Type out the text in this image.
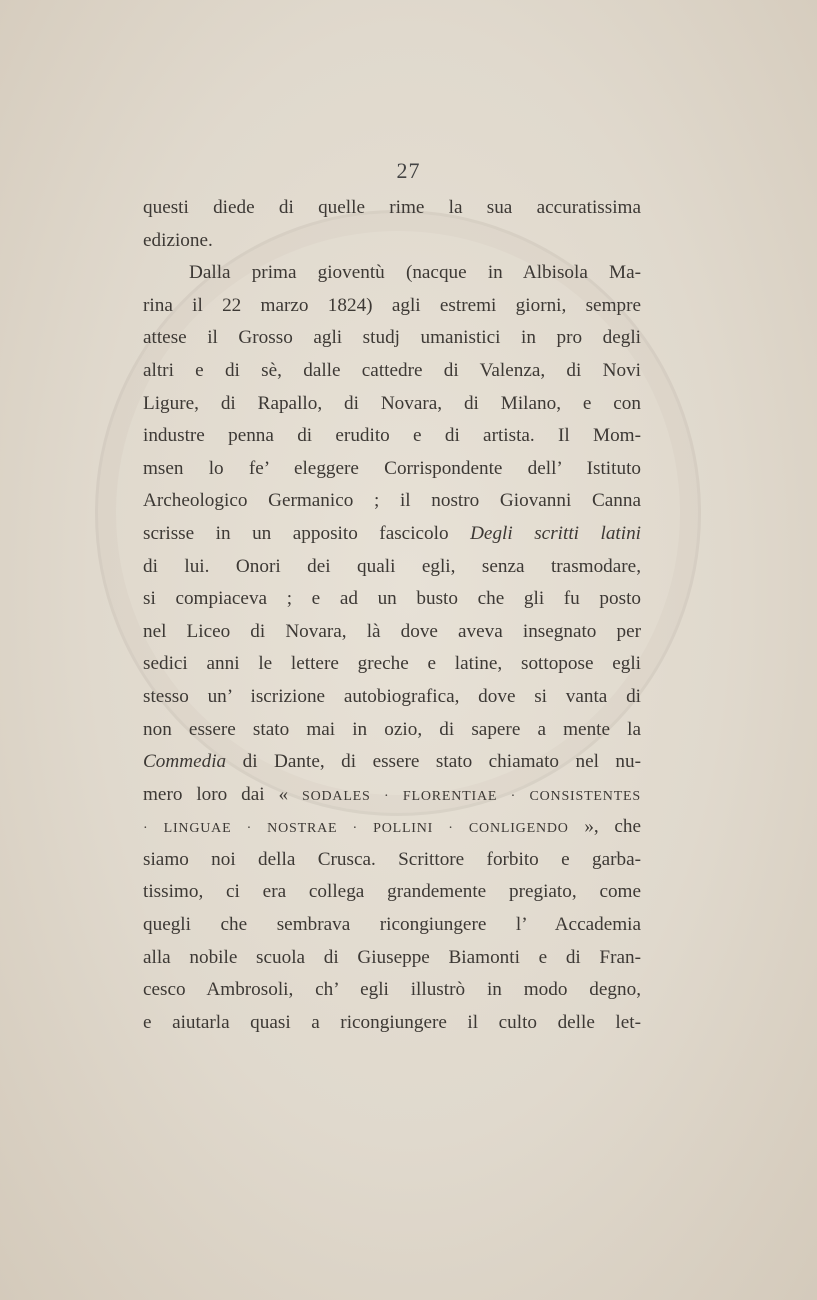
27
questi diede di quelle rime la sua accuratissima
edizione.
Dalla prima gioventù (nacque in Albisola Ma-
rina il 22 marzo 1824) agli estremi giorni, sempre
attese il Grosso agli studj umanistici in pro degli
altri e di sè, dalle cattedre di Valenza, di Novi
Ligure, di Rapallo, di Novara, di Milano, e con
industre penna di erudito e di artista. Il Mom-
msen lo fe’ eleggere Corrispondente dell’ Istituto
Archeologico Germanico ; il nostro Giovanni Canna
scrisse in un apposito fascicolo Degli scritti latini
di lui. Onori dei quali egli, senza trasmodare,
si compiaceva ; e ad un busto che gli fu posto
nel Liceo di Novara, là dove aveva insegnato per
sedici anni le lettere greche e latine, sottopose egli
stesso un’ iscrizione autobiografica, dove si vanta di
non essere stato mai in ozio, di sapere a mente la
Commedia di Dante, di essere stato chiamato nel nu-
mero loro dai « SODALES · FLORENTIAE · CONSISTENTES
· LINGUAE · NOSTRAE · POLLINI · CONLIGENDO », che
siamo noi della Crusca. Scrittore forbito e garba-
tissimo, ci era collega grandemente pregiato, come
quegli che sembrava ricongiungere l’ Accademia
alla nobile scuola di Giuseppe Biamonti e di Fran-
cesco Ambrosoli, ch’ egli illustrò in modo degno,
e aiutarla quasi a ricongiungere il culto delle let-
